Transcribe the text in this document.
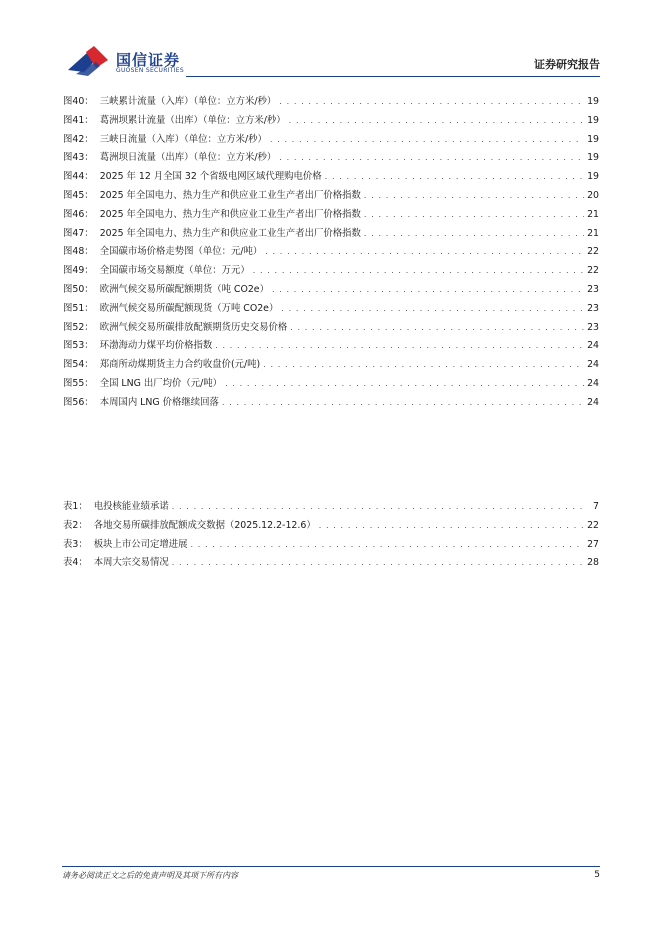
国信证券
GUOSEN SECURITIES	证券研究报告
图40： 三峡累计流量（入库）（单位：立方米/秒） . . .	19
图41： 葛洲坝累计流量（出库）（单位：立方米/秒） . . .	19
图42： 三峡日流量（入库）（单位：立方米/秒） . . .	19
图43： 葛洲坝日流量（出库）（单位：立方米/秒） . . .	19
图44： 2025 年 12 月全国 32 个省级电网区域代理购电价格 . . .	19
图45： 2025 年全国电力、热力生产和供应业工业生产者出厂价格指数 . . .	20
图46： 2025 年全国电力、热力生产和供应业工业生产者出厂价格指数 . . .	21
图47： 2025 年全国电力、热力生产和供应业工业生产者出厂价格指数 . . .	21
图48： 全国碳市场价格走势图（单位：元/吨） . . .	22
图49： 全国碳市场交易额度（单位：万元） . . .	22
图50： 欧洲气候交易所碳配额期货（吨 CO2e） . . .	23
图51： 欧洲气候交易所碳配额现货（万吨 CO2e） . . .	23
图52： 欧洲气候交易所碳排放配额期货历史交易价格 . . .	23
图53： 环渤海动力煤平均价格指数 . . .	24
图54： 郑商所动煤期货主力合约收盘价(元/吨) . . .	24
图55： 全国 LNG 出厂均价（元/吨） . . .	24
图56： 本周国内 LNG 价格继续回落 . . .	24
表1： 电投核能业绩承诺 . . .	7
表2： 各地交易所碳排放配额成交数据（2025.12.2-12.6） . . .	22
表3： 板块上市公司定增进展 . . .	27
表4： 本周大宗交易情况 . . .	28
请务必阅读正文之后的免责声明及其项下所有内容	5
